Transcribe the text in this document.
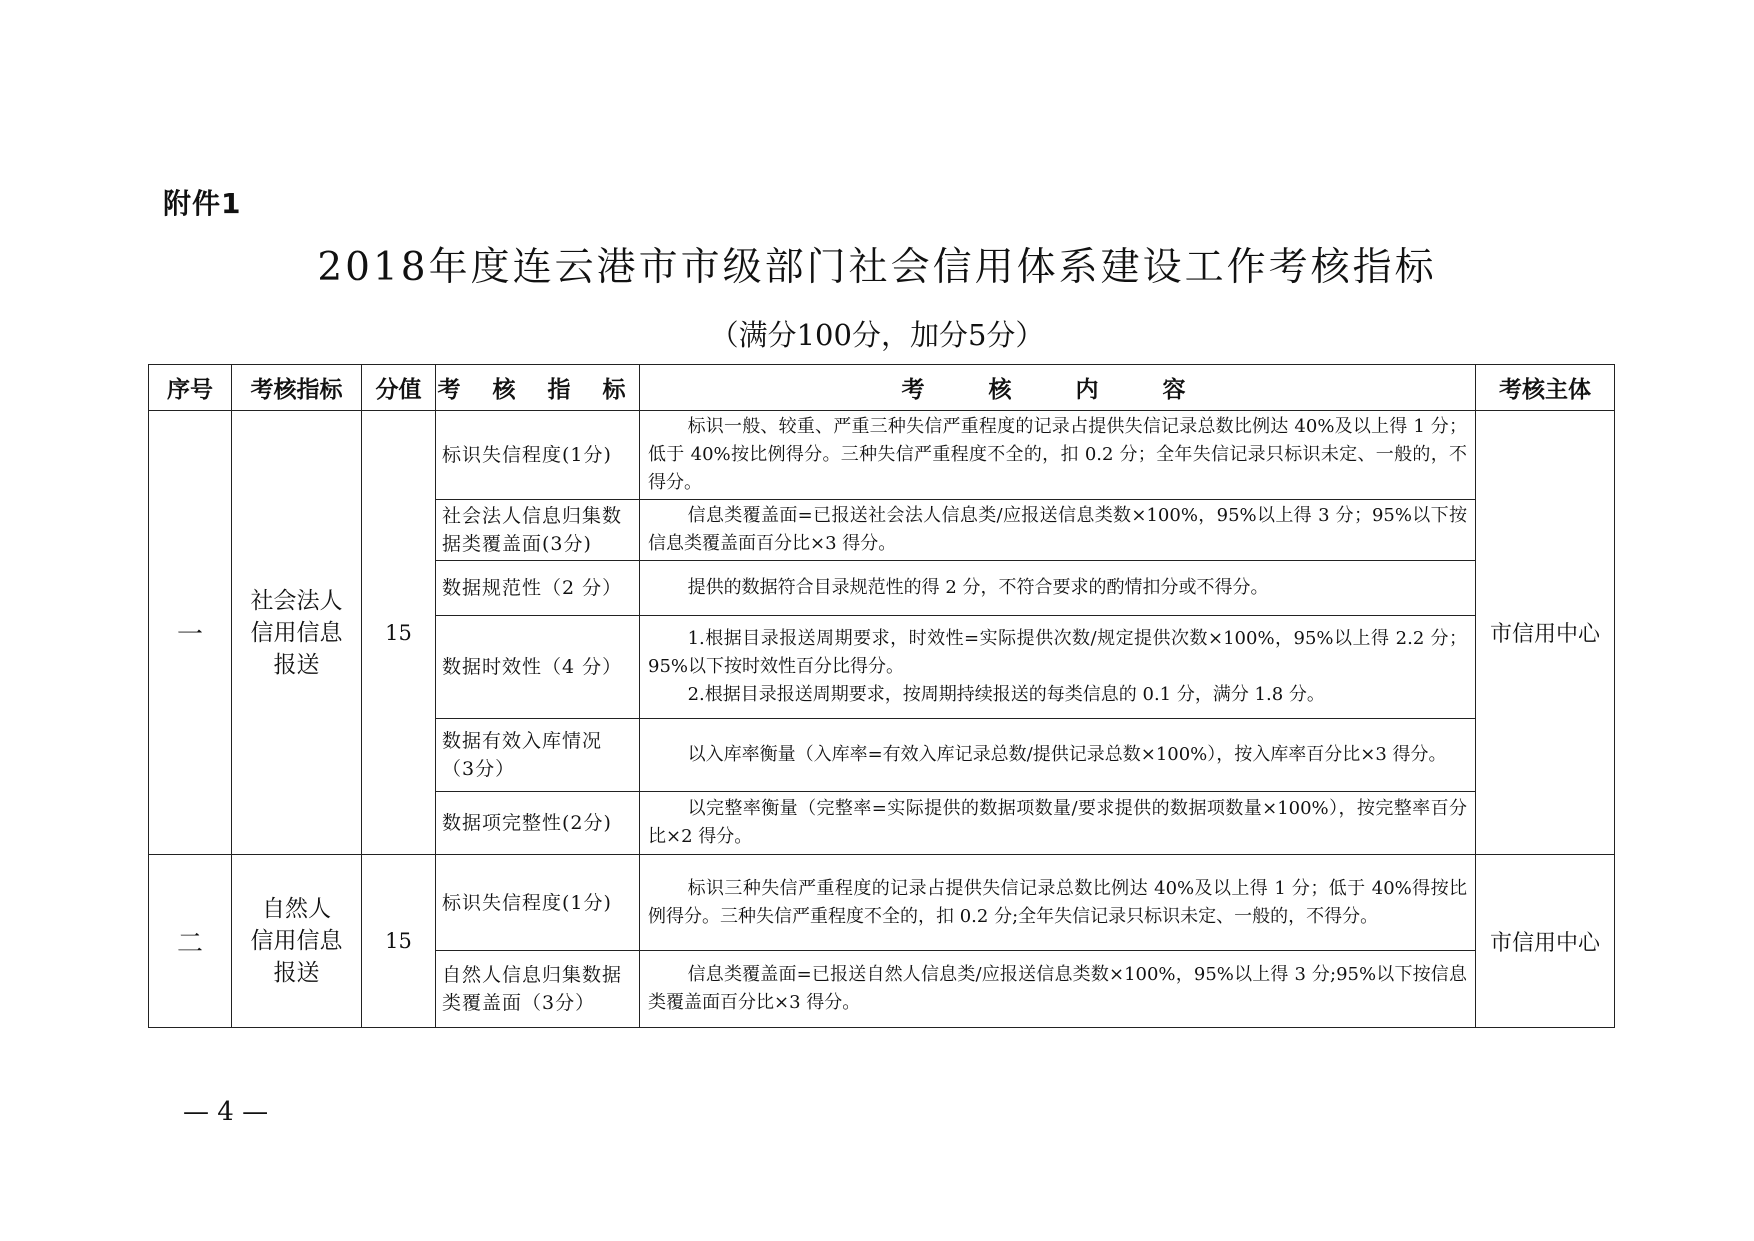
附件1
2018年度连云港市市级部门社会信用体系建设工作考核指标
（满分100分，加分5分）
序号	考核指标	分值	考 核 指 标	考 核 内 容	考核主体
一	社会法人
信用信息
报送	15	标识失信程度(1分)	标识一般、较重、严重三种失信严重程度的记录占提供失信记录总数比例达 40%及以上得 1 分；低于 40%按比例得分。三种失信严重程度不全的，扣 0.2 分；全年失信记录只标识未定、一般的，不得分。	市信用中心
			社会法人信息归集数据类覆盖面(3分)	信息类覆盖面=已报送社会法人信息类/应报送信息类数×100%，95%以上得 3 分；95%以下按信息类覆盖面百分比×3 得分。	

			数据规范性（2 分）	提供的数据符合目录规范性的得 2 分，不符合要求的酌情扣分或不得分。	

			数据时效性（4 分）	1.根据目录报送周期要求，时效性=实际提供次数/规定提供次数×100%，95%以上得 2.2 分；95%以下按时效性百分比得分。

2.根据目录报送周期要求，按周期持续报送的每类信息的 0.1 分，满分 1.8 分。	

			数据有效入库情况（3分）	以入库率衡量（入库率=有效入库记录总数/提供记录总数×100%），按入库率百分比×3 得分。	

			数据项完整性(2分)	以完整率衡量（完整率=实际提供的数据项数量/要求提供的数据项数量×100%），按完整率百分比×2 得分。	

二	自然人
信用信息
报送	15	标识失信程度(1分)	标识三种失信严重程度的记录占提供失信记录总数比例达 40%及以上得 1 分；低于 40%得按比例得分。三种失信严重程度不全的，扣 0.2 分;全年失信记录只标识未定、一般的，不得分。	市信用中心
			自然人信息归集数据类覆盖面（3分）	信息类覆盖面=已报送自然人信息类/应报送信息类数×100%，95%以上得 3 分;95%以下按信息类覆盖面百分比×3 得分。	

— 4 —
